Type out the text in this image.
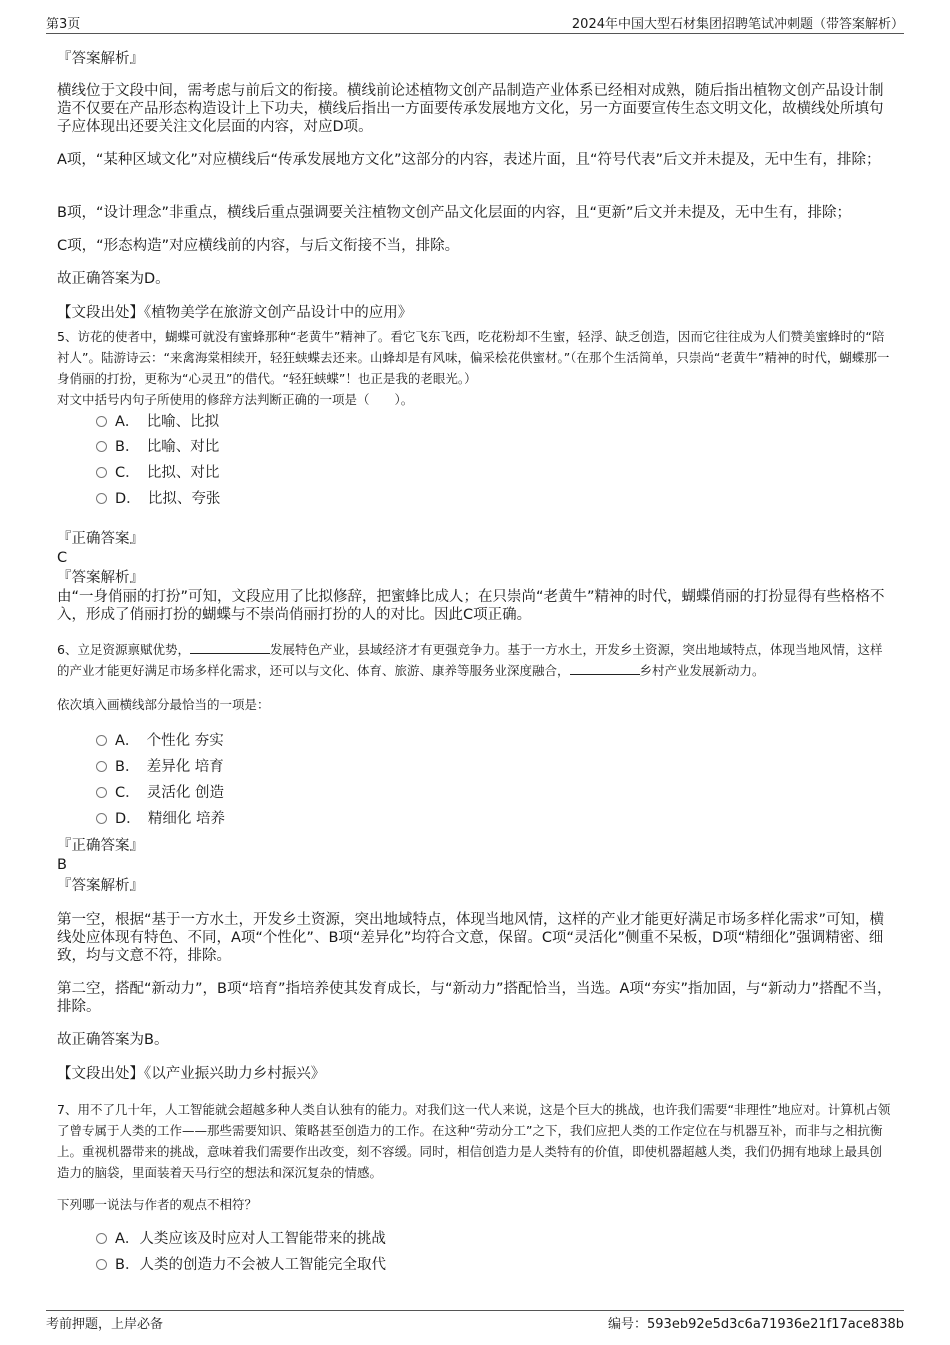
第3页	2024年中国大型石材集团招聘笔试冲刺题（带答案解析）
『答案解析』
横线位于文段中间，需考虑与前后文的衔接。横线前论述植物文创产品制造产业体系已经相对成熟，随后指出植物文创产品设计制造不仅要在产品形态构造设计上下功夫，横线后指出一方面要传承发展地方文化，另一方面要宣传生态文明文化，故横线处所填句子应体现出还要关注文化层面的内容，对应D项。
A项，“某种区域文化”对应横线后“传承发展地方文化”这部分的内容，表述片面，且“符号代表”后文并未提及，无中生有，排除；
B项，“设计理念”非重点，横线后重点强调要关注植物文创产品文化层面的内容，且“更新”后文并未提及，无中生有，排除；
C项，“形态构造”对应横线前的内容，与后文衔接不当，排除。
故正确答案为D。
【文段出处】《植物美学在旅游文创产品设计中的应用》
5、访花的使者中，蝴蝶可就没有蜜蜂那种“老黄牛”精神了。看它飞东飞西，吃花粉却不生蜜，轻浮、缺乏创造，因而它往往成为人们赞美蜜蜂时的“陪衬人”。陆游诗云：“来禽海棠相续开，轻狂蛱蝶去还来。山蜂却是有风味，偏采桧花供蜜材。”（在那个生活简单，只崇尚“老黄牛”精神的时代，蝴蝶那一身俏丽的打扮，更称为“心灵丑”的借代。“轻狂蛱蝶”！也正是我的老眼光。）
对文中括号内句子所使用的修辞方法判断正确的一项是（　　）。
A．　比喻、比拟
B．　比喻、对比
C．　比拟、对比
D．　比拟、夸张
『正确答案』
C
『答案解析』
由“一身俏丽的打扮”可知，文段应用了比拟修辞，把蜜蜂比成人；在只崇尚“老黄牛”精神的时代，蝴蝶俏丽的打扮显得有些格格不入，形成了俏丽打扮的蝴蝶与不崇尚俏丽打扮的人的对比。因此C项正确。
6、立足资源禀赋优势，	发展特色产业，县域经济才有更强竞争力。基于一方水土，开发乡土资源，突出地域特点，体现当地风情，这样的产业才能更好满足市场多样化需求，还可以与文化、体育、旅游、康养等服务业深度融合，	乡村产业发展新动力。
依次填入画横线部分最恰当的一项是：
A．　个性化 夯实
B．　差异化 培育
C．　灵活化 创造
D．　精细化 培养
『正确答案』
B
『答案解析』
第一空，根据“基于一方水土，开发乡土资源，突出地域特点，体现当地风情，这样的产业才能更好满足市场多样化需求”可知，横线处应体现有特色、不同，A项“个性化”、B项“差异化”均符合文意，保留。C项“灵活化”侧重不呆板，D项“精细化”强调精密、细致，均与文意不符，排除。
第二空，搭配“新动力”，B项“培育”指培养使其发育成长，与“新动力”搭配恰当，当选。A项“夯实”指加固，与“新动力”搭配不当，排除。
故正确答案为B。
【文段出处】《以产业振兴助力乡村振兴》
7、用不了几十年，人工智能就会超越多种人类自认独有的能力。对我们这一代人来说，这是个巨大的挑战，也许我们需要“非理性”地应对。计算机占领了曾专属于人类的工作——那些需要知识、策略甚至创造力的工作。在这种“劳动分工”之下，我们应把人类的工作定位在与机器互补，而非与之相抗衡上。重视机器带来的挑战，意味着我们需要作出改变，刻不容缓。同时，相信创造力是人类特有的价值，即使机器超越人类，我们仍拥有地球上最具创造力的脑袋，里面装着天马行空的想法和深沉复杂的情感。
下列哪一说法与作者的观点不相符？
A．人类应该及时应对人工智能带来的挑战
B．人类的创造力不会被人工智能完全取代
考前押题，上岸必备	编号：593eb92e5d3c6a71936e21f17ace838b
